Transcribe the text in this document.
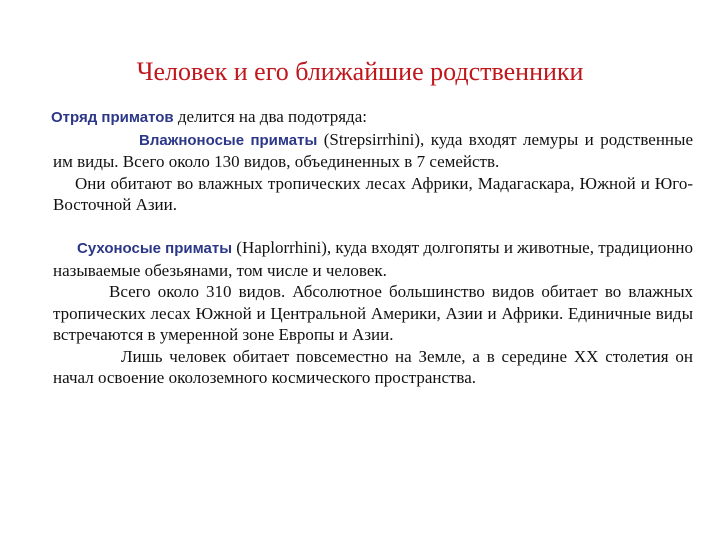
Человек и его ближайшие родственники

Отряд приматов делится на два подотряда:

Влажноносые приматы (Strepsirrhini), куда входят лемуры и родственные им виды. Всего около 130 видов, объединенных в 7 семейств.

Они обитают во влажных тропических лесах Африки, Мадагаскара, Южной и Юго-Восточной Азии.

Сухоносые приматы (Haplorrhini), куда входят долгопяты и животные, традиционно называемые обезьянами, том числе и человек.

Всего около 310 видов. Абсолютное большинство видов обитает во влажных тропических лесах Южной и Центральной Америки, Азии и Африки. Единичные виды встречаются в умеренной зоне Европы и Азии.

Лишь человек обитает повсеместно на Земле, а в середине XX столетия он начал освоение околоземного космического пространства.
